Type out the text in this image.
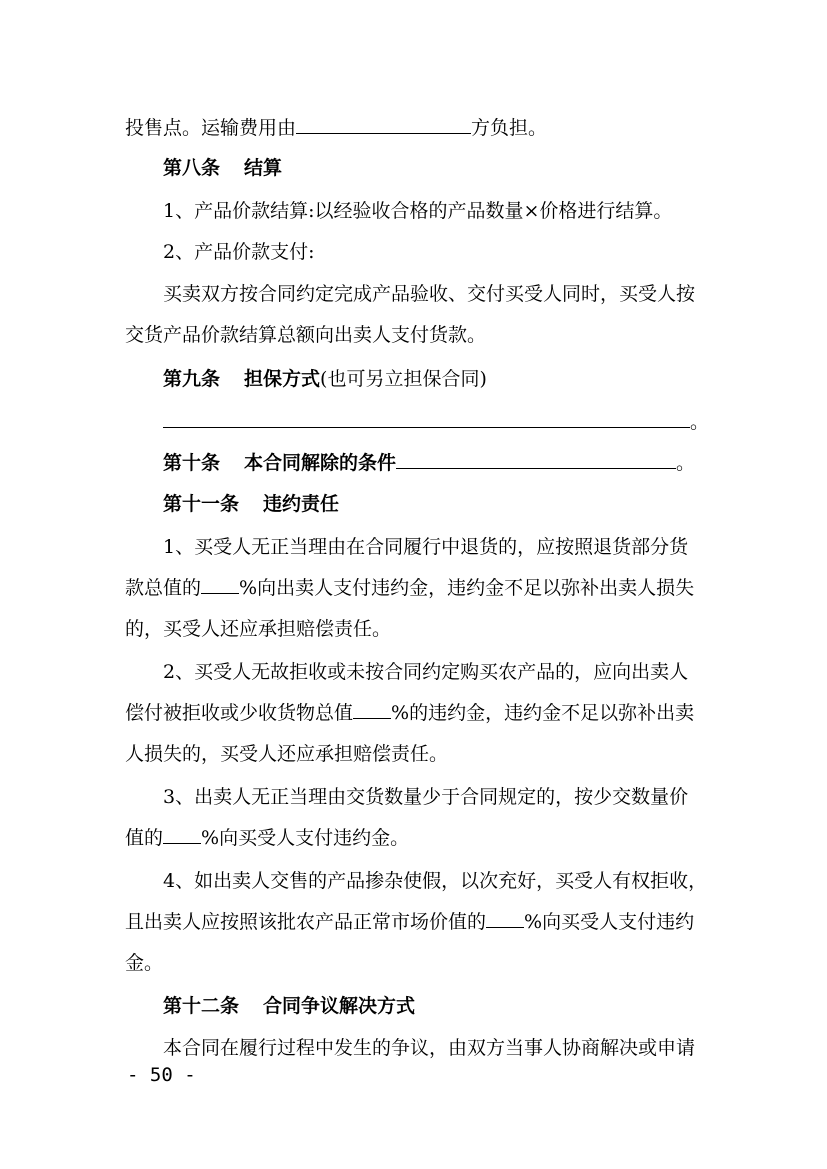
投售点。运输费用由	方负担。
第八条 结算
1、产品价款结算:以经验收合格的产品数量×价格进行结算。
2、产品价款支付:
买卖双方按合同约定完成产品验收、交付买受人同时，买受人按
交货产品价款结算总额向出卖人支付货款。
第九条 担保方式(也可另立担保合同)
。
第十条 本合同解除的条件	。
第十一条 违约责任
1、买受人无正当理由在合同履行中退货的，应按照退货部分货
款总值的 %向出卖人支付违约金，违约金不足以弥补出卖人损失
的，买受人还应承担赔偿责任。
2、买受人无故拒收或未按合同约定购买农产品的，应向出卖人
偿付被拒收或少收货物总值 %的违约金，违约金不足以弥补出卖
人损失的，买受人还应承担赔偿责任。
3、出卖人无正当理由交货数量少于合同规定的，按少交数量价
值的 %向买受人支付违约金。
4、如出卖人交售的产品掺杂使假，以次充好，买受人有权拒收，
且出卖人应按照该批农产品正常市场价值的 %向买受人支付违约
金。
第十二条 合同争议解决方式
本合同在履行过程中发生的争议，由双方当事人协商解决或申请
- 50 -
